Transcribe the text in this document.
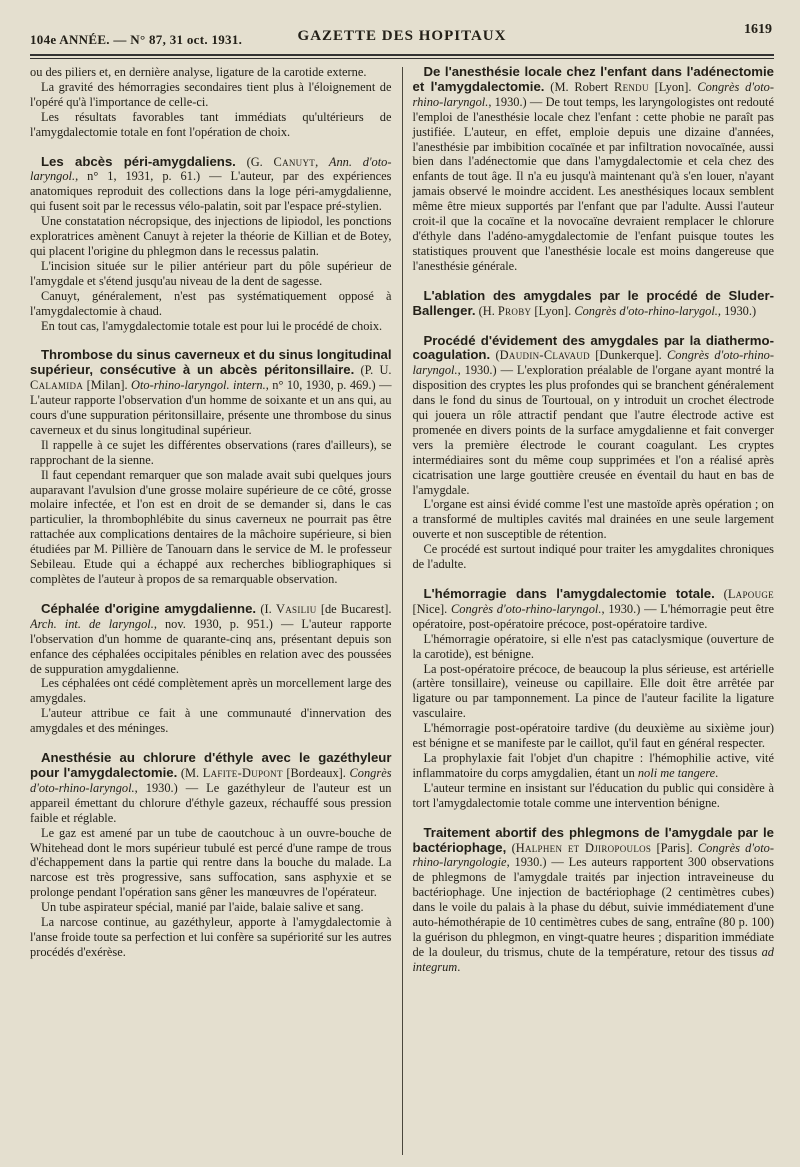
104e ANNÉE. — N° 87, 31 oct. 1931.	GAZETTE DES HOPITAUX	1619

ou des piliers et, en dernière analyse, ligature de la carotide externe.

La gravité des hémorragies secondaires tient plus à l'éloignement de l'opéré qu'à l'importance de celle-ci.

Les résultats favorables tant immédiats qu'ultérieurs de l'amygdalectomie totale en font l'opération de choix.

Les abcès péri-amygdaliens. (G. Canuyt, Ann. d'oto-laryngol., n° 1, 1931, p. 61.) — L'auteur, par des expériences anatomiques reproduit des collections dans la loge péri-amygdalienne, qui fusent soit par le recessus vélo-palatin, soit par l'espace pré-stylien.

Une constatation nécropsique, des injections de lipiodol, les ponctions exploratrices amènent Canuyt à rejeter la théorie de Killian et de Botey, qui placent l'origine du phlegmon dans le recessus palatin.

L'incision située sur le pilier antérieur part du pôle supérieur de l'amygdale et s'étend jusqu'au niveau de la dent de sagesse.

Canuyt, généralement, n'est pas systématiquement opposé à l'amygdalectomie à chaud.

En tout cas, l'amygdalectomie totale est pour lui le procédé de choix.

Thrombose du sinus caverneux et du sinus longitudinal supérieur, consécutive à un abcès péritonsillaire. (P. U. Calamida [Milan]. Oto-rhino-laryngol. intern., n° 10, 1930, p. 469.) — L'auteur rapporte l'observation d'un homme de soixante et un ans qui, au cours d'une suppuration péritonsillaire, présente une thrombose du sinus caverneux et du sinus longitudinal supérieur.

Il rappelle à ce sujet les différentes observations (rares d'ailleurs), se rapprochant de la sienne.

Il faut cependant remarquer que son malade avait subi quelques jours auparavant l'avulsion d'une grosse molaire supérieure de ce côté, grosse molaire infectée, et l'on est en droit de se demander si, dans le cas particulier, la thrombophlébite du sinus caverneux ne pourrait pas être rattachée aux complications dentaires de la mâchoire supérieure, si bien étudiées par M. Pillière de Tanouarn dans le service de M. le professeur Sebileau. Etude qui a échappé aux recherches bibliographiques si complètes de l'auteur à propos de sa remarquable observation.

Céphalée d'origine amygdalienne. (I. Vasiliu [de Bucarest]. Arch. int. de laryngol., nov. 1930, p. 951.) — L'auteur rapporte l'observation d'un homme de quarante-cinq ans, présentant depuis son enfance des céphalées occipitales pénibles en relation avec des poussées de suppuration amygdalienne.

Les céphalées ont cédé complètement après un morcellement large des amygdales.

L'auteur attribue ce fait à une communauté d'innervation des amygdales et des méninges.

Anesthésie au chlorure d'éthyle avec le gazéthyleur pour l'amygdalectomie. (M. Lafite-Dupont [Bordeaux]. Congrès d'oto-rhino-laryngol., 1930.) — Le gazéthyleur de l'auteur est un appareil émettant du chlorure d'éthyle gazeux, réchauffé sous pression faible et réglable.

Le gaz est amené par un tube de caoutchouc à un ouvre-bouche de Whitehead dont le mors supérieur tubulé est percé d'une rampe de trous d'échappement dans la partie qui rentre dans la bouche du malade. La narcose est très progressive, sans suffocation, sans asphyxie et se prolonge pendant l'opération sans gêner les manœuvres de l'opérateur.

Un tube aspirateur spécial, manié par l'aide, balaie salive et sang.

La narcose continue, au gazéthyleur, apporte à l'amygdalectomie à l'anse froide toute sa perfection et lui confère sa supériorité sur les autres procédés d'exérèse.

De l'anesthésie locale chez l'enfant dans l'adénectomie et l'amygdalectomie. (M. Robert Rendu [Lyon]. Congrès d'oto-rhino-laryngol., 1930.) — De tout temps, les laryngologistes ont redouté l'emploi de l'anesthésie locale chez l'enfant : cette phobie ne paraît pas justifiée. L'auteur, en effet, emploie depuis une dizaine d'années, l'anesthésie par imbibition cocaïnée et par infiltration novocaïnée, aussi bien dans l'adénectomie que dans l'amygdalectomie et cela chez des enfants de tout âge. Il n'a eu jusqu'à maintenant qu'à s'en louer, n'ayant jamais observé le moindre accident. Les anesthésiques locaux semblent même être mieux supportés par l'enfant que par l'adulte. Aussi l'auteur croit-il que la cocaïne et la novocaïne devraient remplacer le chlorure d'éthyle dans l'adéno-amygdalectomie de l'enfant puisque toutes les statistiques prouvent que l'anesthésie locale est moins dangereuse que l'anesthésie générale.

L'ablation des amygdales par le procédé de Sluder-Ballenger. (H. Proby [Lyon]. Congrès d'oto-rhino-larygol., 1930.)

Procédé d'évidement des amygdales par la diathermo-coagulation. (Daudin-Clavaud [Dunkerque]. Congrès d'oto-rhino-laryngol., 1930.) — L'exploration préalable de l'organe ayant montré la disposition des cryptes les plus profondes qui se branchent généralement dans le fond du sinus de Tourtoual, on y introduit un crochet électrode qui jouera un rôle attractif pendant que l'autre électrode active est promenée en divers points de la surface amygdalienne et fait converger vers la première électrode le courant coagulant. Les cryptes intermédiaires sont du même coup supprimées et l'on a réalisé après cicatrisation une large gouttière creusée en éventail du haut en bas de l'amygdale.

L'organe est ainsi évidé comme l'est une mastoïde après opération ; on a transformé de multiples cavités mal drainées en une seule largement ouverte et non susceptible de rétention.

Ce procédé est surtout indiqué pour traiter les amygdalites chroniques de l'adulte.

L'hémorragie dans l'amygdalectomie totale. (Lapouge [Nice]. Congrès d'oto-rhino-laryngol., 1930.) — L'hémorragie peut être opératoire, post-opératoire précoce, post-opératoire tardive.

L'hémorragie opératoire, si elle n'est pas cataclysmique (ouverture de la carotide), est bénigne.

La post-opératoire précoce, de beaucoup la plus sérieuse, est artérielle (artère tonsillaire), veineuse ou capillaire. Elle doit être arrêtée par ligature ou par tamponnement. La pince de l'auteur facilite la ligature vasculaire.

L'hémorragie post-opératoire tardive (du deuxième au sixième jour) est bénigne et se manifeste par le caillot, qu'il faut en général respecter.

La prophylaxie fait l'objet d'un chapitre : l'hémophilie active, vité inflammatoire du corps amygdalien, étant un noli me tangere.

L'auteur termine en insistant sur l'éducation du public qui considère à tort l'amygdalectomie totale comme une intervention bénigne.

Traitement abortif des phlegmons de l'amygdale par le bactériophage, (Halphen et Djiropoulos [Paris]. Congrès d'oto-rhino-laryngologie, 1930.) — Les auteurs rapportent 300 observations de phlegmons de l'amygdale traités par injection intraveineuse du bactériophage. Une injection de bactériophage (2 centimètres cubes) dans le voile du palais à la phase du début, suivie immédiatement d'une auto-hémothérapie de 10 centimètres cubes de sang, entraîne (80 p. 100) la guérison du phlegmon, en vingt-quatre heures ; disparition immédiate de la douleur, du trismus, chute de la température, retour des tissus ad integrum.
